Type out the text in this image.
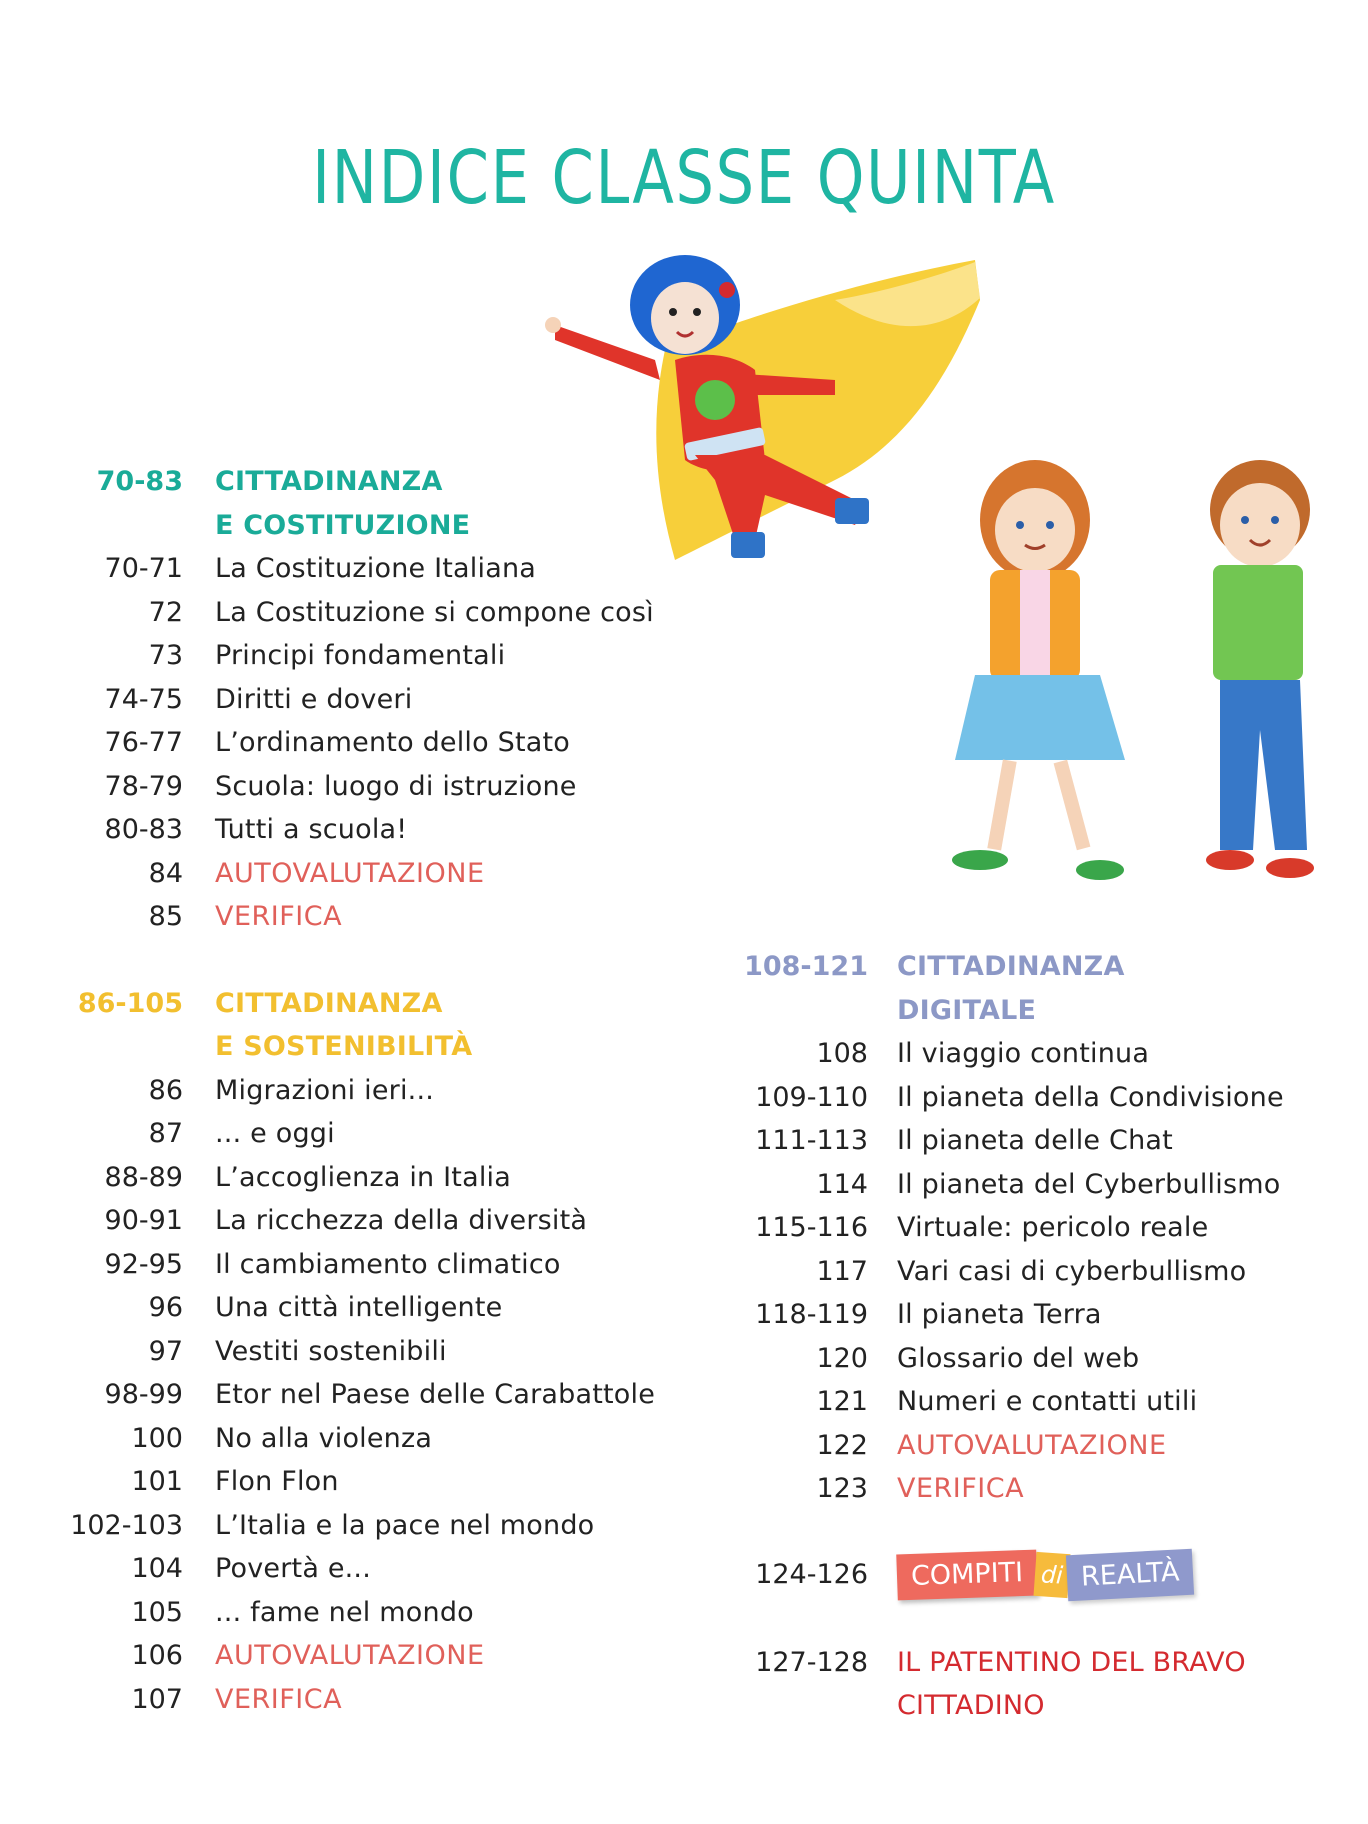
INDICE CLASSE QUINTA
70-83 CITTADINANZA
E COSTITUZIONE
70-71 La Costituzione Italiana
72 La Costituzione si compone così
73 Principi fondamentali
74-75 Diritti e doveri
76-77 L’ordinamento dello Stato
78-79 Scuola: luogo di istruzione
80-83 Tutti a scuola!
84 AUTOVALUTAZIONE
85 VERIFICA
86-105 CITTADINANZA
E SOSTENIBILITÀ
86 Migrazioni ieri...
87 ... e oggi
88-89 L’accoglienza in Italia
90-91 La ricchezza della diversità
92-95 Il cambiamento climatico
96 Una città intelligente
97 Vestiti sostenibili
98-99 Etor nel Paese delle Carabattole
100 No alla violenza
101 Flon Flon
102-103 L’Italia e la pace nel mondo
104 Povertà e...
105 ... fame nel mondo
106 AUTOVALUTAZIONE
107 VERIFICA
108-121 CITTADINANZA
DIGITALE
108 Il viaggio continua
109-110 Il pianeta della Condivisione
111-113 Il pianeta delle Chat
114 Il pianeta del Cyberbullismo
115-116 Virtuale: pericolo reale
117 Vari casi di cyberbullismo
118-119 Il pianeta Terra
120 Glossario del web
121 Numeri e contatti utili
122 AUTOVALUTAZIONE
123 VERIFICA
124-126	COMPITI di REALTÀ
127-128 IL PATENTINO DEL BRAVO
CITTADINO
